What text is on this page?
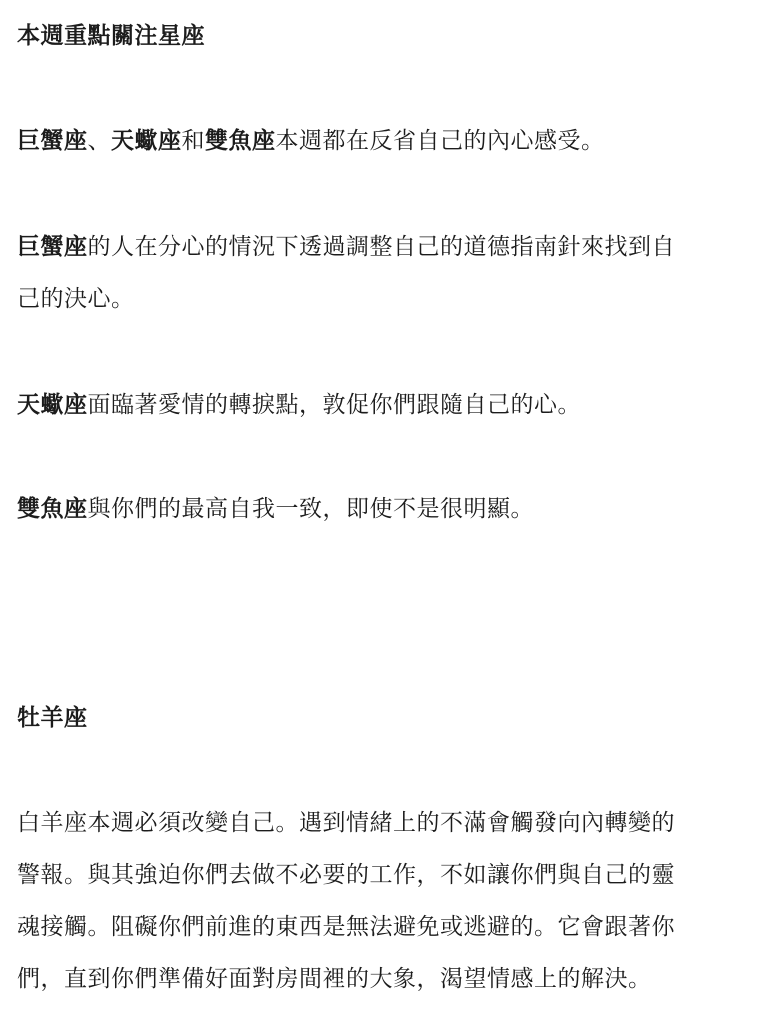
本週重點關注星座
巨蟹座、天蠍座和雙魚座本週都在反省自己的內心感受。
巨蟹座的人在分心的情況下透過調整自己的道德指南針來找到自
己的決心。
天蠍座面臨著愛情的轉捩點，敦促你們跟隨自己的心。
雙魚座與你們的最高自我一致，即使不是很明顯。
牡羊座
白羊座本週必須改變自己。遇到情緒上的不滿會觸發向內轉變的
警報。與其強迫你們去做不必要的工作，不如讓你們與自己的靈
魂接觸。阻礙你們前進的東西是無法避免或逃避的。它會跟著你
們，直到你們準備好面對房間裡的大象，渴望情感上的解決。
